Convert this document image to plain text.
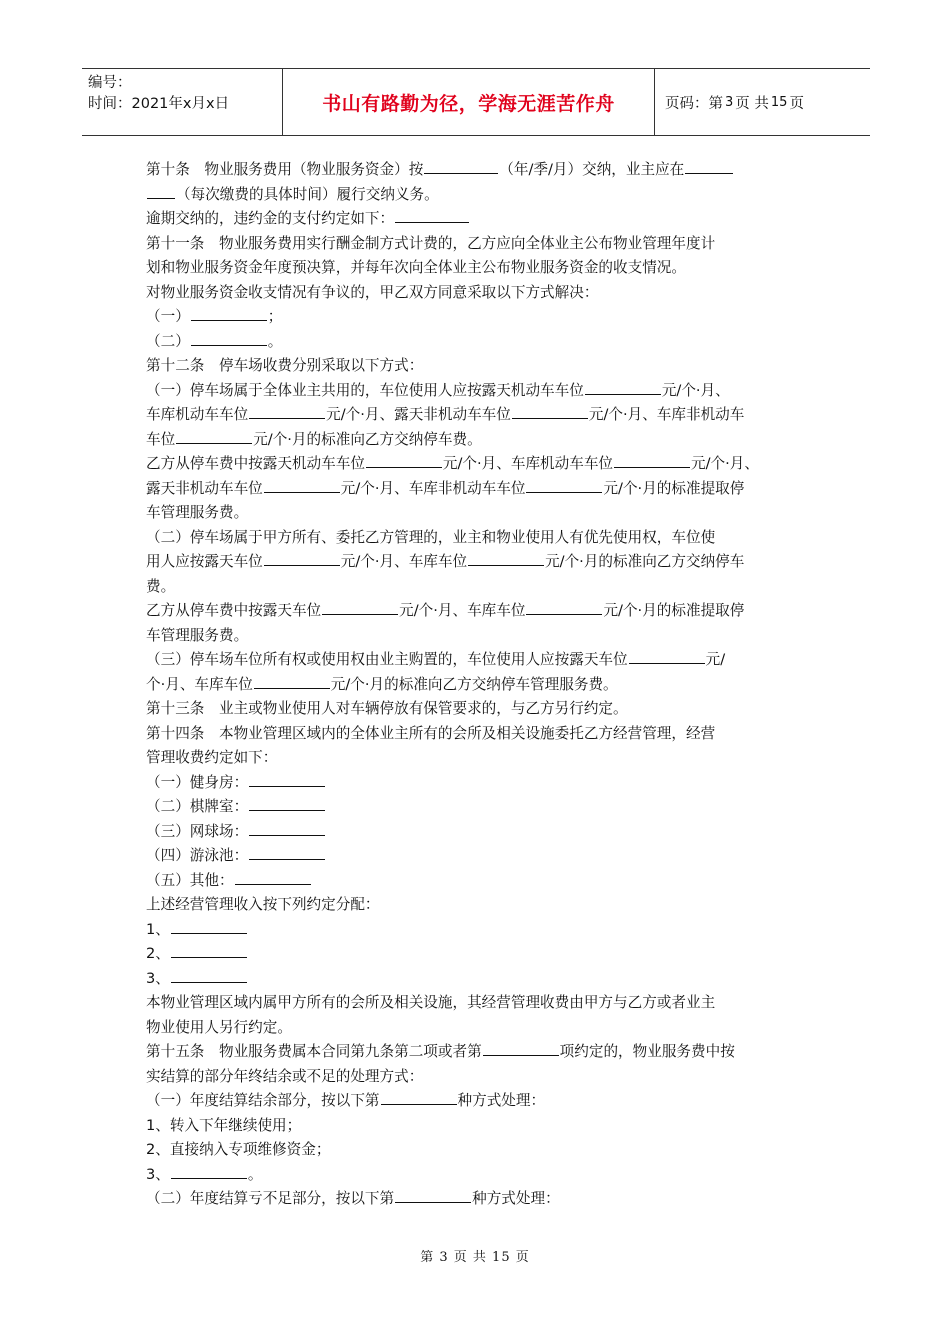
编号：
时间：2021年x月x日	书山有路勤为径，学海无涯苦作舟	页码：第 3 页 共 15 页

第十条　物业服务费用（物业服务资金）按	（年/季/月）交纳，业主应在

（每次缴费的具体时间）履行交纳义务。

逾期交纳的，违约金的支付约定如下：

第十一条　物业服务费用实行酬金制方式计费的，乙方应向全体业主公布物业管理年度计

划和物业服务资金年度预决算，并每年次向全体业主公布物业服务资金的收支情况。

对物业服务资金收支情况有争议的，甲乙双方同意采取以下方式解决：

（一）	；

（二）	。

第十二条　停车场收费分别采取以下方式：

（一）停车场属于全体业主共用的，车位使用人应按露天机动车车位	元/个·月、

车库机动车车位	元/个·月、露天非机动车车位	元/个·月、车库非机动车

车位	元/个·月的标准向乙方交纳停车费。

乙方从停车费中按露天机动车车位	元/个·月、车库机动车车位	元/个·月、

露天非机动车车位	元/个·月、车库非机动车车位	元/个·月的标准提取停

车管理服务费。

（二）停车场属于甲方所有、委托乙方管理的，业主和物业使用人有优先使用权，车位使

用人应按露天车位	元/个·月、车库车位	元/个·月的标准向乙方交纳停车

费。

乙方从停车费中按露天车位	元/个·月、车库车位	元/个·月的标准提取停

车管理服务费。

（三）停车场车位所有权或使用权由业主购置的，车位使用人应按露天车位	元/

个·月、车库车位	元/个·月的标准向乙方交纳停车管理服务费。

第十三条　业主或物业使用人对车辆停放有保管要求的，与乙方另行约定。

第十四条　本物业管理区域内的全体业主所有的会所及相关设施委托乙方经营管理，经营

管理收费约定如下：

（一）健身房：

（二）棋牌室：

（三）网球场：

（四）游泳池：

（五）其他：

上述经营管理收入按下列约定分配：

1、

2、

3、

本物业管理区域内属甲方所有的会所及相关设施，其经营管理收费由甲方与乙方或者业主

物业使用人另行约定。

第十五条　物业服务费属本合同第九条第二项或者第	项约定的，物业服务费中按

实结算的部分年终结余或不足的处理方式：

（一）年度结算结余部分，按以下第	种方式处理：

1、转入下年继续使用；

2、直接纳入专项维修资金；

3、	。

（二）年度结算亏不足部分，按以下第	种方式处理：

第 3 页 共 15 页
